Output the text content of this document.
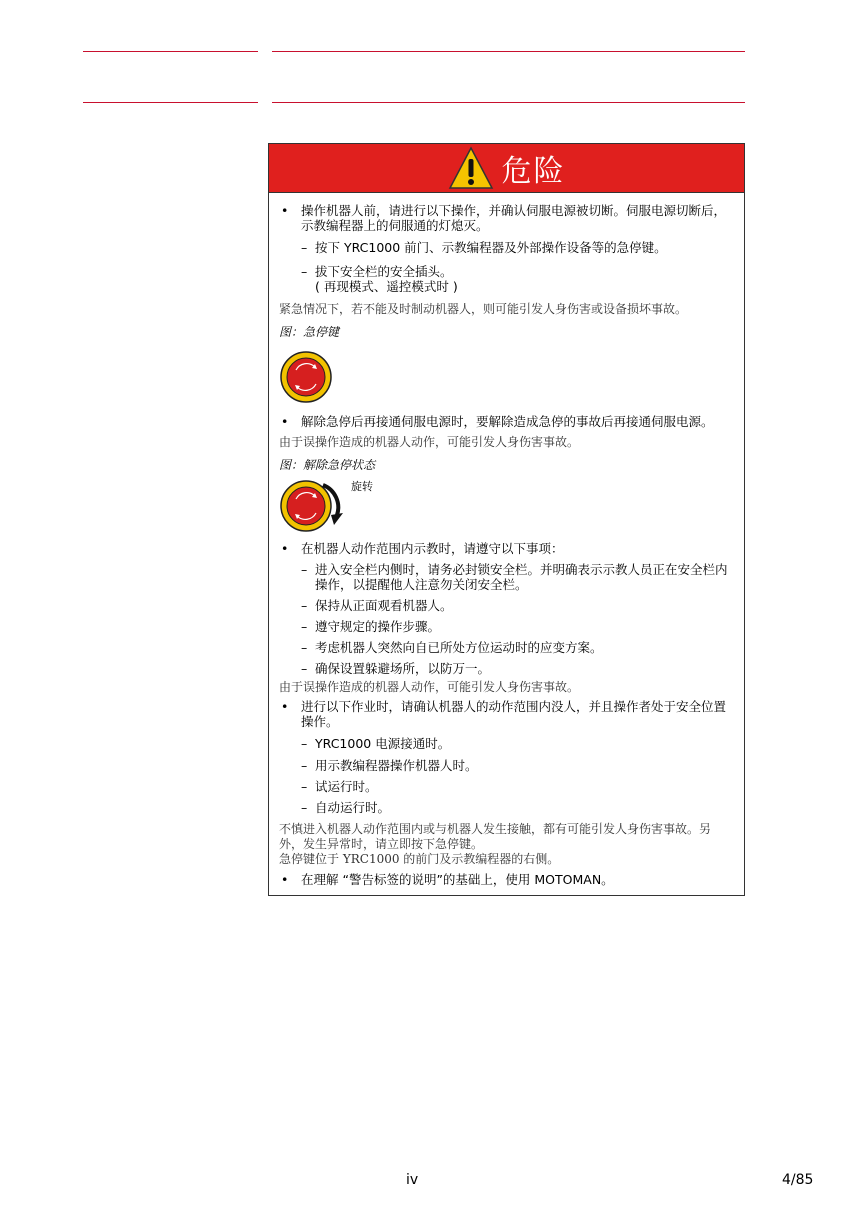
危险
• 操作机器人前，请进行以下操作，并确认伺服电源被切断。伺服电源切断后，示教编程器上的伺服通的灯熄灭。
– 按下 YRC1000 前门、示教编程器及外部操作设备等的急停键。
– 拔下安全栏的安全插头。
( 再现模式、遥控模式时 )
紧急情况下，若不能及时制动机器人，则可能引发人身伤害或设备损坏事故。
图：急停键
• 解除急停后再接通伺服电源时，要解除造成急停的事故后再接通伺服电源。
由于误操作造成的机器人动作，可能引发人身伤害事故。
图：解除急停状态
旋转
• 在机器人动作范围内示教时，请遵守以下事项：
– 进入安全栏内侧时，请务必封锁安全栏。并明确表示示教人员正在安全栏内操作，以提醒他人注意勿关闭安全栏。
– 保持从正面观看机器人。
– 遵守规定的操作步骤。
– 考虑机器人突然向自已所处方位运动时的应变方案。
– 确保设置躲避场所，以防万一。
由于误操作造成的机器人动作，可能引发人身伤害事故。
• 进行以下作业时，请确认机器人的动作范围内没人，并且操作者处于安全位置操作。
– YRC1000 电源接通时。
– 用示教编程器操作机器人时。
– 试运行时。
– 自动运行时。
不慎进入机器人动作范围内或与机器人发生接触，都有可能引发人身伤害事故。另外，发生异常时，请立即按下急停键。
急停键位于 YRC1000 的前门及示教编程器的右侧。
• 在理解 “警告标签的说明”的基础上，使用 MOTOMAN。
iv	4/85
